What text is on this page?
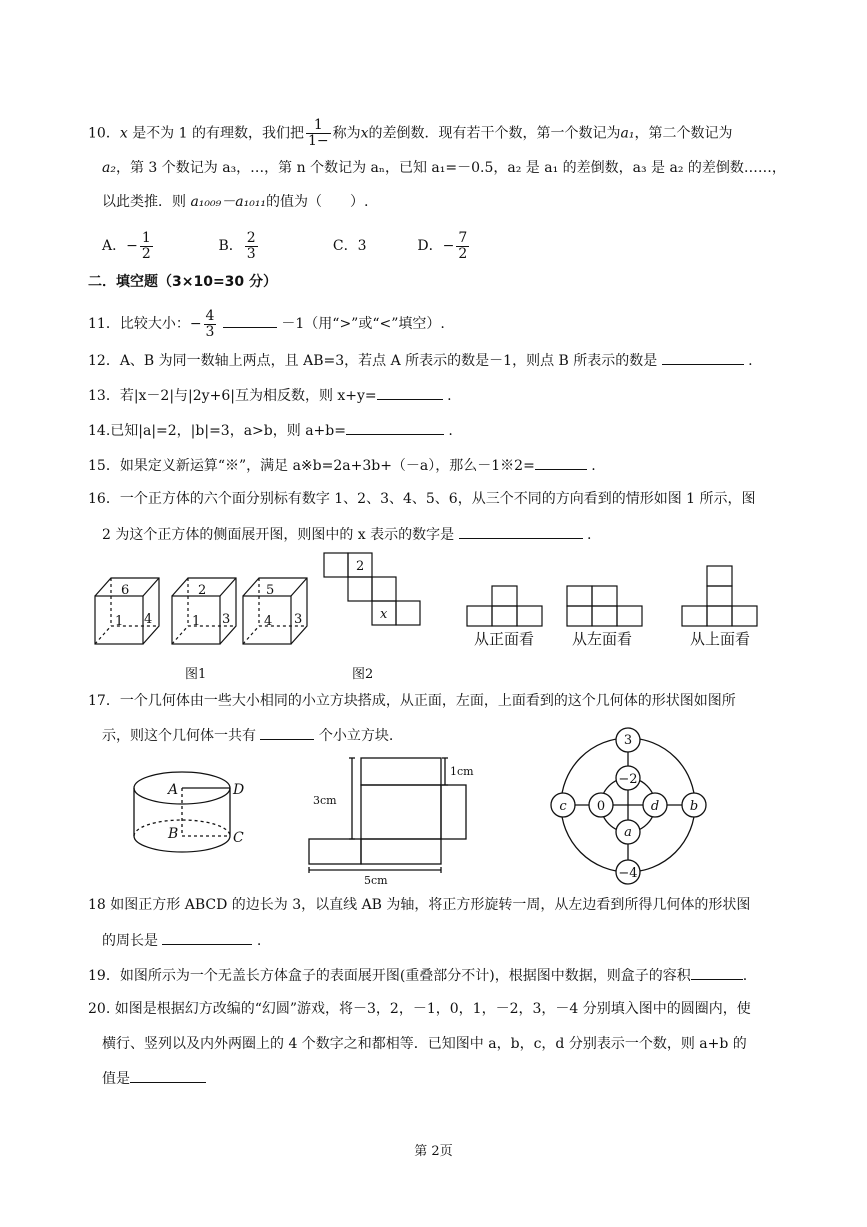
10．x 是不为 1 的有理数，我们把 $\frac{1}{1-}$ 称为x的差倒数．现有若干个数，第一个数记为a₁，第二个数记为
a₂，第 3 个数记为 a₃，…，第 n 个数记为 aₙ，已知 a₁=－0.5，a₂ 是 a₁ 的差倒数，a₃ 是 a₂ 的差倒数……，
以此类推．则 a₁₀₀₉－a₁₀₁₁的值为（　　）.
A．− $\frac{1}{2}$	B． $\frac{2}{3}$	C．3	D．− $\frac{7}{2}$
二．填空题（3×10=30 分）
11．比较大小：− $\frac{4}{3}$	－1（用“>”或“<”填空）.
12．A、B 为同一数轴上两点，且 AB=3，若点 A 所表示的数是－1，则点 B 所表示的数是	.
13．若|x－2|与|2y+6|互为相反数，则 x+y=	.
14.已知|a|=2，|b|=3，a>b，则 a+b=	.
15．如果定义新运算“※”，满足 a※b=2a+3b+（－a），那么－1※2=	.
16．一个正方体的六个面分别标有数字 1、2、3、4、5、6，从三个不同的方向看到的情形如图 1 所示，图
2 为这个正方体的侧面展开图，则图中的 x 表示的数字是	.
6
1 4
2
1 3
5
4 3
2
x
从正面看	从左面看	从上面看
图1	图2
17．一个几何体由一些大小相同的小立方块搭成，从正面，左面，上面看到的这个几何体的形状图如图所
示，则这个几何体一共有	个小立方块.
A	D
B	C
1cm
3cm
5cm
3
−2
0	d
a
c	b
−4
18 如图正方形 ABCD 的边长为 3，以直线 AB 为轴，将正方形旋转一周，从左边看到所得几何体的形状图
的周长是	.
19．如图所示为一个无盖长方体盒子的表面展开图(重叠部分不计)，根据图中数据，则盒子的容积	.
20. 如图是根据幻方改编的“幻圆”游戏，将－3，2，－1，0，1，－2，3，－4 分别填入图中的圆圈内，使
横行、竖列以及内外两圈上的 4 个数字之和都相等．已知图中 a，b，c，d 分别表示一个数，则 a+b 的
值是
第 2页
